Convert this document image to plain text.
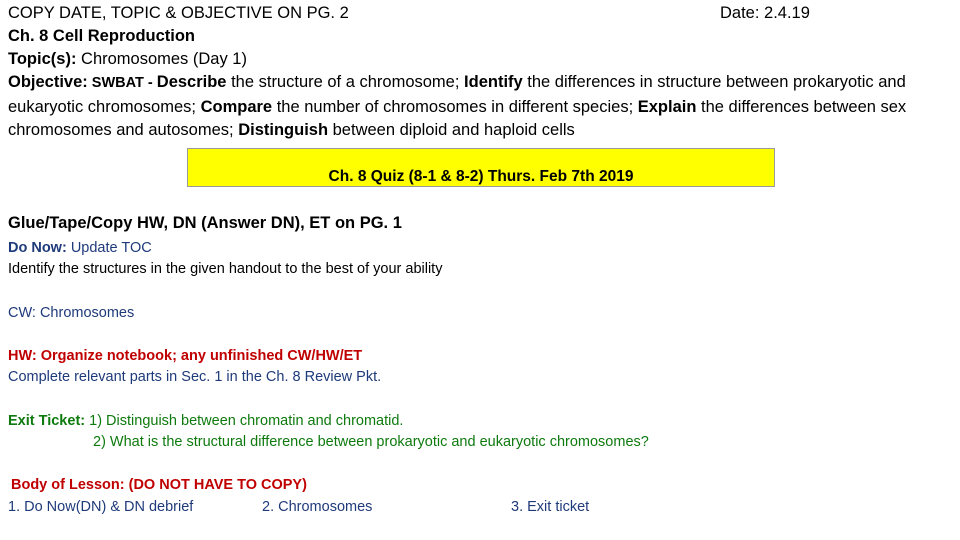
COPY DATE, TOPIC & OBJECTIVE ON PG. 2	Date: 2.4.19
Ch. 8 Cell Reproduction
Topic(s): Chromosomes (Day 1)
Objective: SWBAT - Describe the structure of a chromosome; Identify the differences in structure between prokaryotic and eukaryotic chromosomes; Compare the number of chromosomes in different species; Explain the differences between sex chromosomes and autosomes; Distinguish between diploid and haploid cells
Ch. 8 Quiz (8-1 & 8-2) Thurs. Feb 7th 2019
Glue/Tape/Copy HW, DN (Answer DN), ET on PG. 1
Do Now: Update TOC
Identify the structures in the given handout to the best of your ability
CW: Chromosomes
HW: Organize notebook; any unfinished CW/HW/ET
Complete relevant parts in Sec. 1 in the Ch. 8 Review Pkt.
Exit Ticket: 1) Distinguish between chromatin and chromatid.
2) What is the structural difference between prokaryotic and eukaryotic chromosomes?
Body of Lesson: (DO NOT HAVE TO COPY)
1. Do Now(DN) & DN debrief	2. Chromosomes	3. Exit ticket
